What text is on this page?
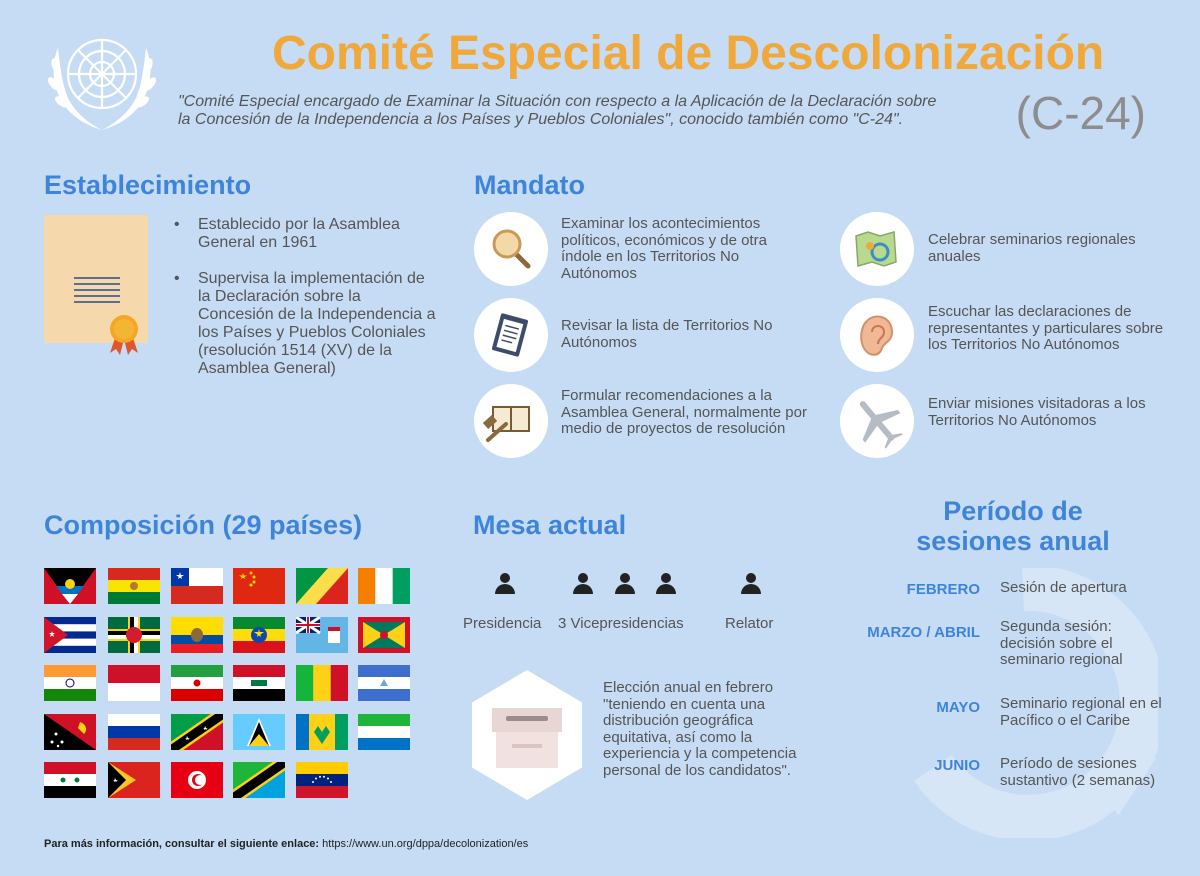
Comité Especial de Descolonización
(C-24)
"Comité Especial encargado de Examinar la Situación con respecto a la Aplicación de la Declaración sobre la Concesión de la Independencia a los Países y Pueblos Coloniales", conocido también como "C-24".
Establecimiento
• Establecido por la Asamblea General en 1961
• Supervisa la implementación de la Declaración sobre la Concesión de la Independencia a los Países y Pueblos Coloniales (resolución 1514 (XV) de la Asamblea General)
Mandato
Examinar los acontecimientos políticos, económicos y de otra índole en los Territorios No Autónomos
Revisar la lista de Territorios No Autónomos
Formular recomendaciones a la Asamblea General, normalmente por medio de proyectos de resolución
Celebrar seminarios regionales anuales
Escuchar las declaraciones de representantes y particulares sobre los Territorios No Autónomos
Enviar misiones visitadoras a los Territorios No Autónomos
Composición (29 países)	Mesa actual
Presidencia 3 Vicepresidencias	Relator
Elección anual en febrero "teniendo en cuenta una distribución geográfica equitativa, así como la experiencia y la competencia personal de los candidatos".
Período de sesiones anual
FEBRERO Sesión de apertura
MARZO / ABRIL Segunda sesión: decisión sobre el seminario regional
MAYO Seminario regional en el Pacífico o el Caribe
JUNIO Período de sesiones sustantivo (2 semanas)
Para más información, consultar el siguiente enlace: https://www.un.org/dppa/decolonization/es
